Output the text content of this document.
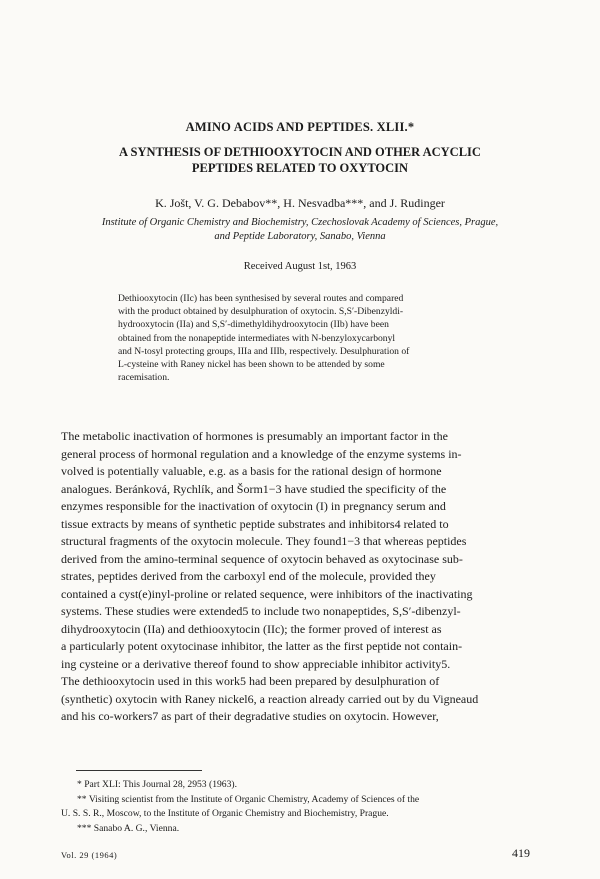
AMINO ACIDS AND PEPTIDES. XLII.*
A SYNTHESIS OF DETHIOOXYTOCIN AND OTHER ACYCLIC
PEPTIDES RELATED TO OXYTOCIN
K. Jošt, V. G. Debabov**, H. Nesvadba***, and J. Rudinger
Institute of Organic Chemistry and Biochemistry, Czechoslovak Academy of Sciences, Prague,
and Peptide Laboratory, Sanabo, Vienna
Received August 1st, 1963
Dethiooxytocin (IIc) has been synthesised by several routes and compared
with the product obtained by desulphuration of oxytocin. S,S′-Dibenzyldi-
hydrooxytocin (IIa) and S,S′-dimethyldihydrooxytocin (IIb) have been
obtained from the nonapeptide intermediates with N-benzyloxycarbonyl
and N-tosyl protecting groups, IIIa and IIIb, respectively. Desulphuration of
L-cysteine with Raney nickel has been shown to be attended by some
racemisation.
The metabolic inactivation of hormones is presumably an important factor in the
general process of hormonal regulation and a knowledge of the enzyme systems in-
volved is potentially valuable, e.g. as a basis for the rational design of hormone
analogues. Beránková, Rychlík, and Šorm1−3 have studied the specificity of the
enzymes responsible for the inactivation of oxytocin (I) in pregnancy serum and
tissue extracts by means of synthetic peptide substrates and inhibitors4 related to
structural fragments of the oxytocin molecule. They found1−3 that whereas peptides
derived from the amino-terminal sequence of oxytocin behaved as oxytocinase sub-
strates, peptides derived from the carboxyl end of the molecule, provided they
contained a cyst(e)inyl-proline or related sequence, were inhibitors of the inactivating
systems. These studies were extended5 to include two nonapeptides, S,S′-dibenzyl-
dihydrooxytocin (IIa) and dethiooxytocin (IIc); the former proved of interest as
a particularly potent oxytocinase inhibitor, the latter as the first peptide not contain-
ing cysteine or a derivative thereof found to show appreciable inhibitor activity5.
The dethiooxytocin used in this work5 had been prepared by desulphuration of
(synthetic) oxytocin with Raney nickel6, a reaction already carried out by du Vigneaud
and his co-workers7 as part of their degradative studies on oxytocin. However,
* Part XLI: This Journal 28, 2953 (1963).
** Visiting scientist from the Institute of Organic Chemistry, Academy of Sciences of the
U. S. S. R., Moscow, to the Institute of Organic Chemistry and Biochemistry, Prague.
*** Sanabo A. G., Vienna.
Vol. 29 (1964)	419
